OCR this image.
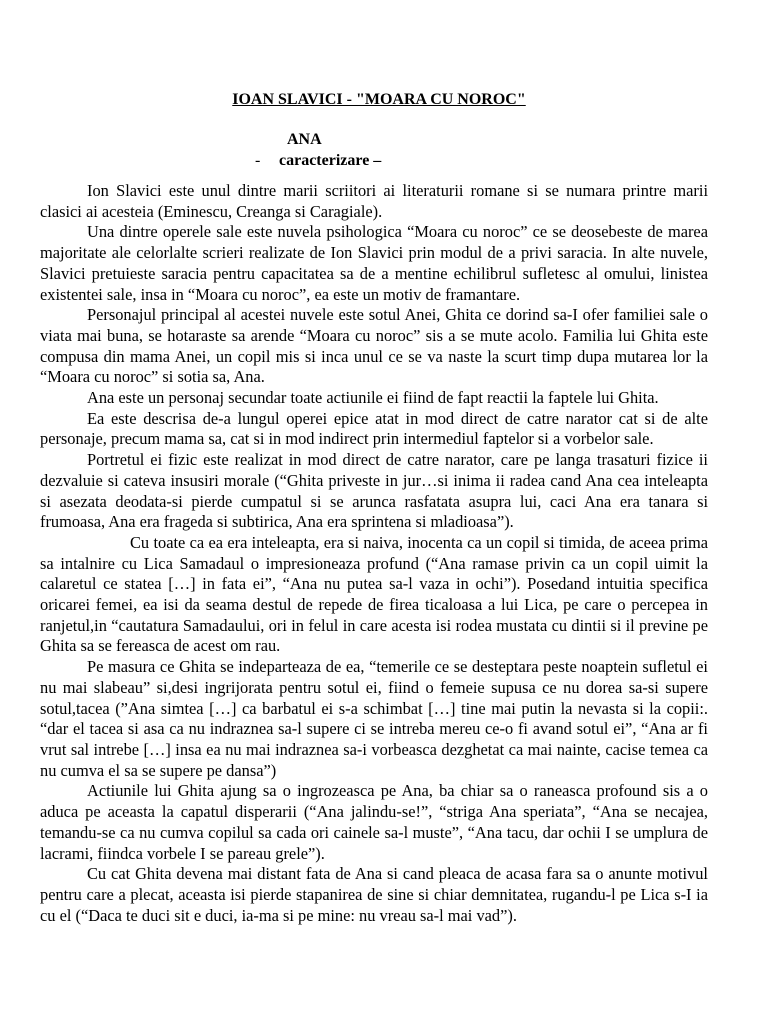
IOAN SLAVICI - "MOARA CU NOROC"
ANA
- caracterizare –

Ion Slavici este unul dintre marii scriitori ai literaturii romane si se numara printre marii clasici ai acesteia (Eminescu, Creanga si Caragiale).

Una dintre operele sale este nuvela psihologica “Moara cu noroc” ce se deosebeste de marea majoritate ale celorlalte scrieri realizate de Ion Slavici prin modul de a privi saracia. In alte nuvele, Slavici pretuieste saracia pentru capacitatea sa de a mentine echilibrul sufletesc al omului, linistea existentei sale, insa in “Moara cu noroc”, ea este un motiv de framantare.

Personajul principal al acestei nuvele este sotul Anei, Ghita ce dorind sa-I ofer familiei sale o viata mai buna, se hotaraste sa arende “Moara cu noroc” sis a se mute acolo. Familia lui Ghita este compusa din mama Anei, un copil mis si inca unul ce se va naste la scurt timp dupa mutarea lor la “Moara cu noroc” si sotia sa, Ana.

Ana este un personaj secundar toate actiunile ei fiind de fapt reactii la faptele lui Ghita.

Ea este descrisa de-a lungul operei epice atat in mod direct de catre narator cat si de alte personaje, precum mama sa, cat si in mod indirect prin intermediul faptelor si a vorbelor sale.

Portretul ei fizic este realizat in mod direct de catre narator, care pe langa trasaturi fizice ii dezvaluie si cateva insusiri morale (“Ghita priveste in jur…si inima ii radea cand Ana cea inteleapta si asezata deodata-si pierde cumpatul si se arunca rasfatata asupra lui, caci Ana era tanara si frumoasa, Ana era frageda si subtirica, Ana era sprintena si mladioasa”).

Cu toate ca ea era inteleapta, era si naiva, inocenta ca un copil si timida, de aceea prima sa intalnire cu Lica Samadaul o impresioneaza profund (“Ana ramase privin ca un copil uimit la calaretul ce statea […] in fata ei”, “Ana nu putea sa-l vaza in ochi”). Posedand intuitia specifica oricarei femei, ea isi da seama destul de repede de firea ticaloasa a lui Lica, pe care o percepea in ranjetul,in “cautatura Samadaului, ori in felul in care acesta isi rodea mustata cu dintii si il previne pe Ghita sa se fereasca de acest om rau.

Pe masura ce Ghita se indeparteaza de ea, “temerile ce se desteptara peste noaptein sufletul ei nu mai slabeau” si,desi ingrijorata pentru sotul ei, fiind o femeie supusa ce nu dorea sa-si supere sotul,tacea (”Ana simtea […] ca barbatul ei s-a schimbat […] tine mai putin la nevasta si la copii:. “dar el tacea si asa ca nu indraznea sa-l supere ci se intreba mereu ce-o fi avand sotul ei”, “Ana ar fi vrut sal intrebe […] insa ea nu mai indraznea sa-i vorbeasca dezghetat ca mai nainte, cacise temea ca nu cumva el sa se supere pe dansa”)

Actiunile lui Ghita ajung sa o ingrozeasca pe Ana, ba chiar sa o raneasca profound sis a o aduca pe aceasta la capatul disperarii (“Ana jalindu-se!”, “striga Ana speriata”, “Ana se necajea, temandu-se ca nu cumva copilul sa cada ori cainele sa-l muste”, “Ana tacu, dar ochii I se umplura de lacrami, fiindca vorbele I se pareau grele”).

Cu cat Ghita devena mai distant fata de Ana si cand pleaca de acasa fara sa o anunte motivul pentru care a plecat, aceasta isi pierde stapanirea de sine si chiar demnitatea, rugandu-l pe Lica s-I ia cu el (“Daca te duci sit e duci, ia-ma si pe mine: nu vreau sa-l mai vad”).
